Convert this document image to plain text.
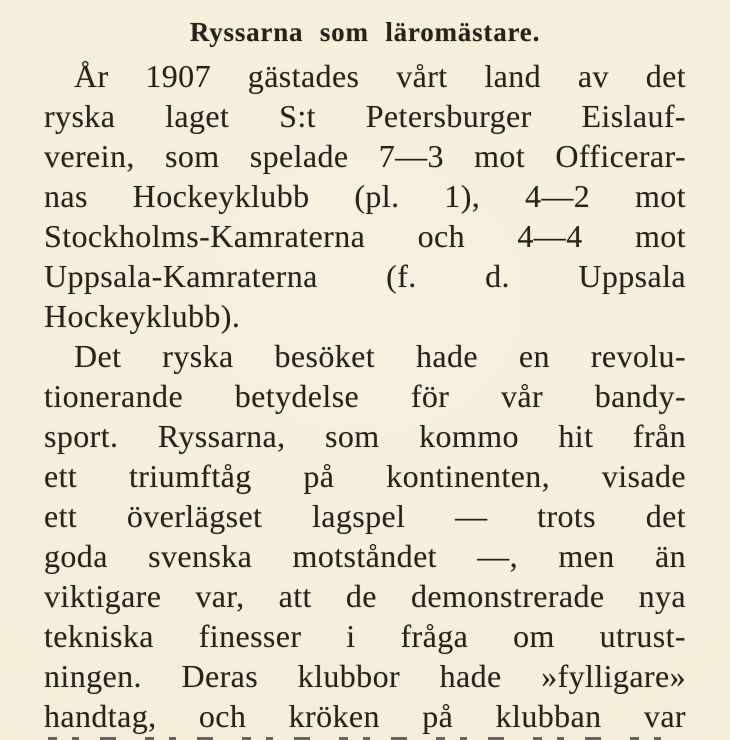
Ryssarna som läromästare.
År 1907 gästades vårt land av det
ryska laget S:t Petersburger Eislauf-
verein, som spelade 7—3 mot Officerar-
nas Hockeyklubb (pl. 1), 4—2 mot
Stockholms-Kamraterna och 4—4 mot
Uppsala-Kamraterna (f. d. Uppsala
Hockeyklubb).
Det ryska besöket hade en revolu-
tionerande betydelse för vår bandy-
sport. Ryssarna, som kommo hit från
ett triumftåg på kontinenten, visade
ett överlägset lagspel — trots det
goda svenska motståndet —, men än
viktigare var, att de demonstrerade nya
tekniska finesser i fråga om utrust-
ningen. Deras klubbor hade »fylligare»
handtag, och kröken på klubban var
